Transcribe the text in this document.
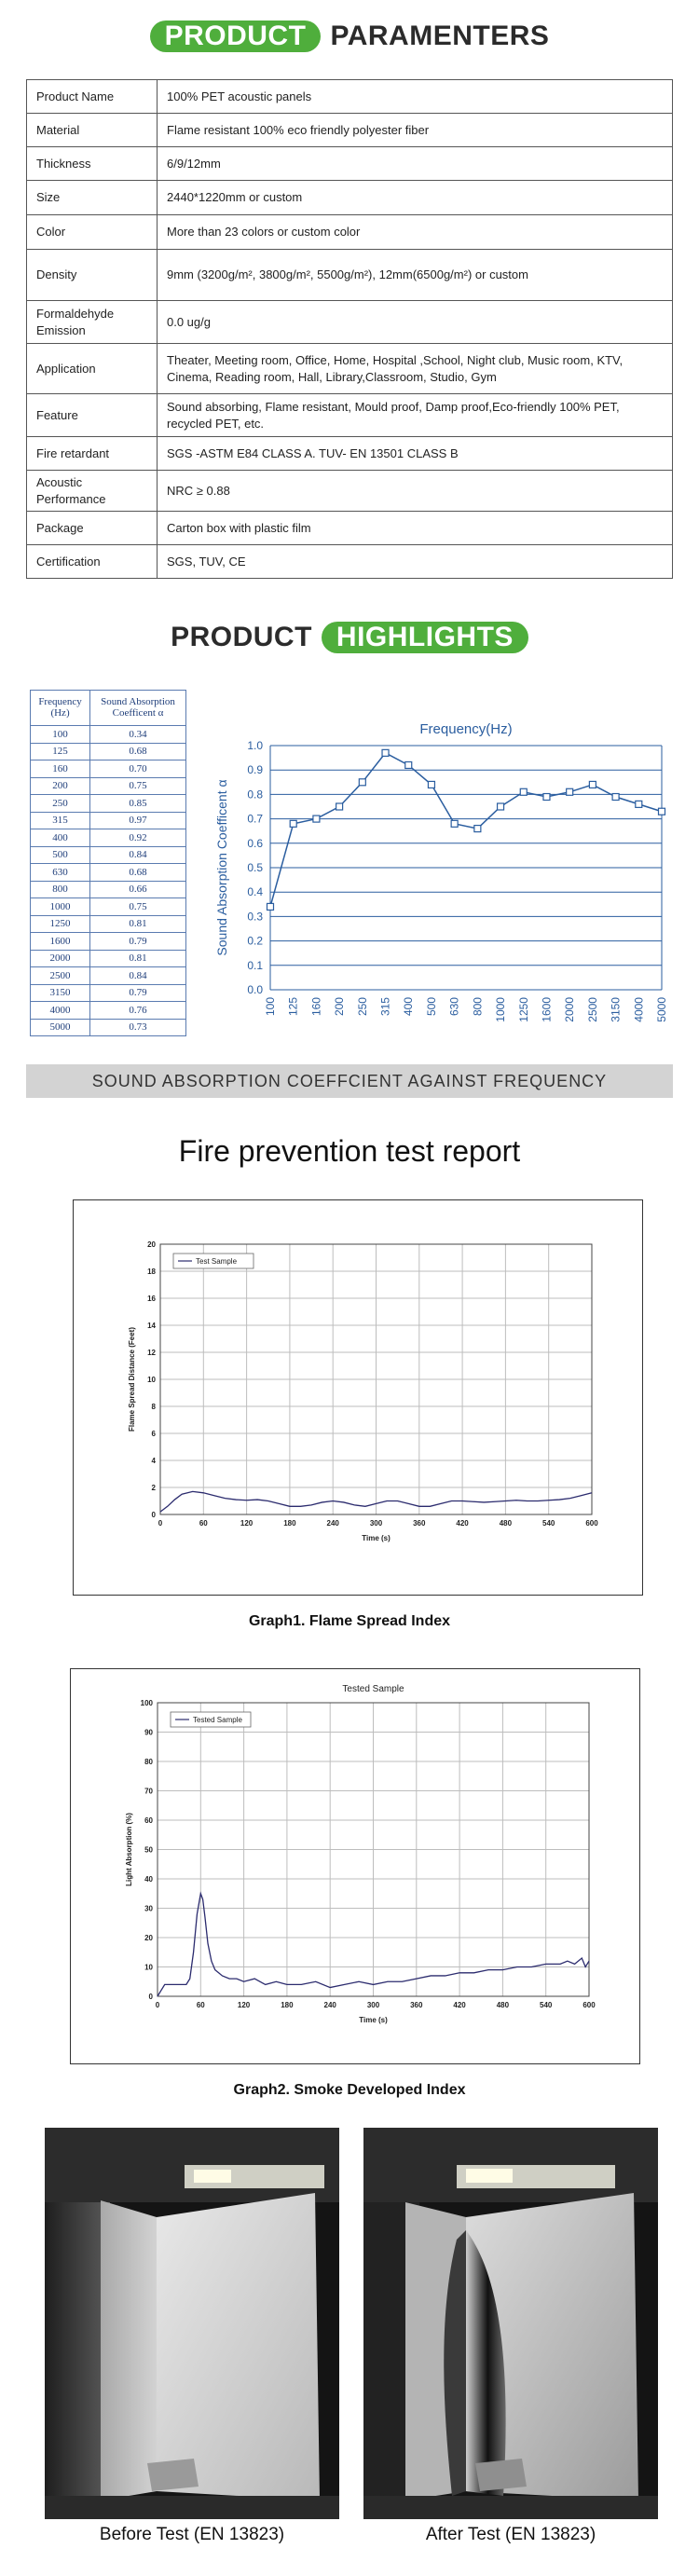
PRODUCT PARAMENTERS
Product Name	100% PET acoustic panels
Material	Flame resistant 100% eco friendly polyester fiber
Thickness	6/9/12mm
Size	2440*1220mm or custom
Color	More than 23 colors or custom color
Density	9mm (3200g/m², 3800g/m², 5500g/m²), 12mm(6500g/m²) or custom
Formaldehyde Emission	0.0 ug/g
Application	Theater, Meeting room, Office, Home, Hospital ,School, Night club, Music room, KTV, Cinema, Reading room, Hall, Library,Classroom, Studio, Gym
Feature	Sound absorbing, Flame resistant, Mould proof, Damp proof,Eco-friendly 100% PET, recycled PET, etc.
Fire retardant	SGS -ASTM E84 CLASS A. TUV- EN 13501 CLASS B
Acoustic Performance	NRC ≥ 0.88
Package	Carton box with plastic film
Certification	SGS, TUV, CE
PRODUCT HIGHLIGHTS
Frequency (Hz)	Sound Absorption Coefficent α
100	0.34
125	0.68
160	0.70
200	0.75
250	0.85
315	0.97
400	0.92
500	0.84
630	0.68
800	0.66
1000	0.75
1250	0.81
1600	0.79
2000	0.81
2500	0.84
3150	0.79
4000	0.76
5000	0.73
Frequency(Hz)
0.0
0.1
0.2
0.3
0.4
0.5
0.6
0.7
0.8
0.9
1.0
100 125 160 200 250 315 400 500 630 800 1000 1250 1600 2000 2500 3150 4000 5000
Sound Absorption Coefficent α
SOUND ABSORPTION COEFFCIENT AGAINST FREQUENCY
Fire prevention test report
0
2
4
6
8
10
12
14
16
18
20
0	60	120	180	240	300	360	420	480	540	600
Time (s)
Flame Spread Distance (Feet)
Test Sample
Graph1. Flame Spread Index
Tested Sample
0
10
20
30
40
50
60
70
80
90
100
0	60	120	180	240	300	360	420	480	540	600
Time (s)
Light Absorption (%)
Tested Sample
Graph2. Smoke Developed Index
Before Test (EN 13823)	After Test (EN 13823)
